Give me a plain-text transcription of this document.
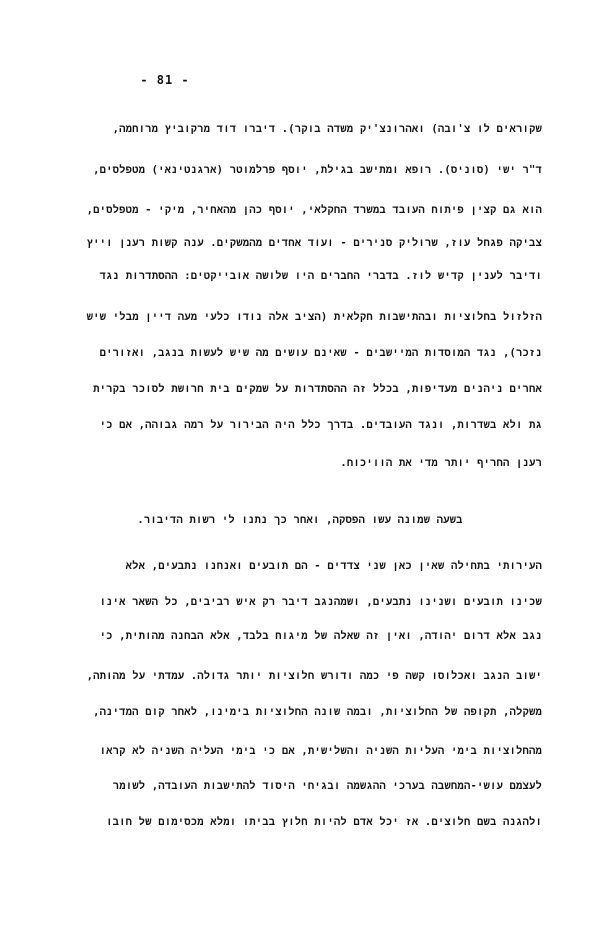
- 81 -
שקוראים לו צ'ובה) ואהרונצ'יק משדה בוקר). דיברו דוד מרקוביץ מרוחמה,
ד"ר ישי (סוניס). רופא ומתישב בגילת, יוסף פרלמוטר (ארגנטינאי) מטפלסים,
הוא גם קצין פיתוח העובד במשרד החקלאי, יוסף כהן מהאחיר, מיקי - מטפלסים,
צביקה פגחל עוז, שרוליק סנירים - ועוד אחדים מהמשקים. ענה קשות רענן וייץ
ודיבר לענין קדיש לוז. בדברי החברים היו שלושה אובייקטים: ההסתדרות נגד
הזלזול בחלוציות ובהתישבות חקלאית (הציב אלה נודו כלעי מעה דיין מבלי שיש
נזכר), נגד המוסדות המיישבים - שאינם עושים מה שיש לעשות בנגב, ואזורים
אחרים ניהנים מעדיפות, בכלל זה ההסתדרות על שמקים בית חרושת לסוכר בקרית
גת ולא בשדרות, ונגד העובדים. בדרך כלל היה הבירור על רמה גבוהה, אם כי
רענן החריף יותר מדי את הוויכוח.
בשעה שמונה עשו הפסקה, ואחר כך נתנו לי רשות הדיבור.
העירותי בתחילה שאין כאן שני צדדים - הם תובעים ואנחנו נתבעים, אלא
שכינו תובעים ושנינו נתבעים, ושמהנגב דיבר רק איש רביבים, כל השאר אינו
נגב אלא דרום יהודה, ואין זה שאלה של מיגוח בלבד, אלא הבחנה מהותית, כי
ישוב הנגב ואכלוסו קשה פי כמה ודורש חלוציות יותר גדולה. עמדתי על מהותה,
משקלה, תקופה של החלוציות, ובמה שונה החלוציות בימינו, לאחר קום המדינה,
מהחלוציות בימי העליות השניה והשלישית, אם כי בימי העליה השניה לא קראו
לעצמם עושי-המחשבה בערכי ההגשמה ובגיחי היסוד להתישבות העובדה, לשומר
ולהגנה בשם חלוצים. אז יכל אדם להיות חלוץ בביתו ומלא מכסימום של חובו
